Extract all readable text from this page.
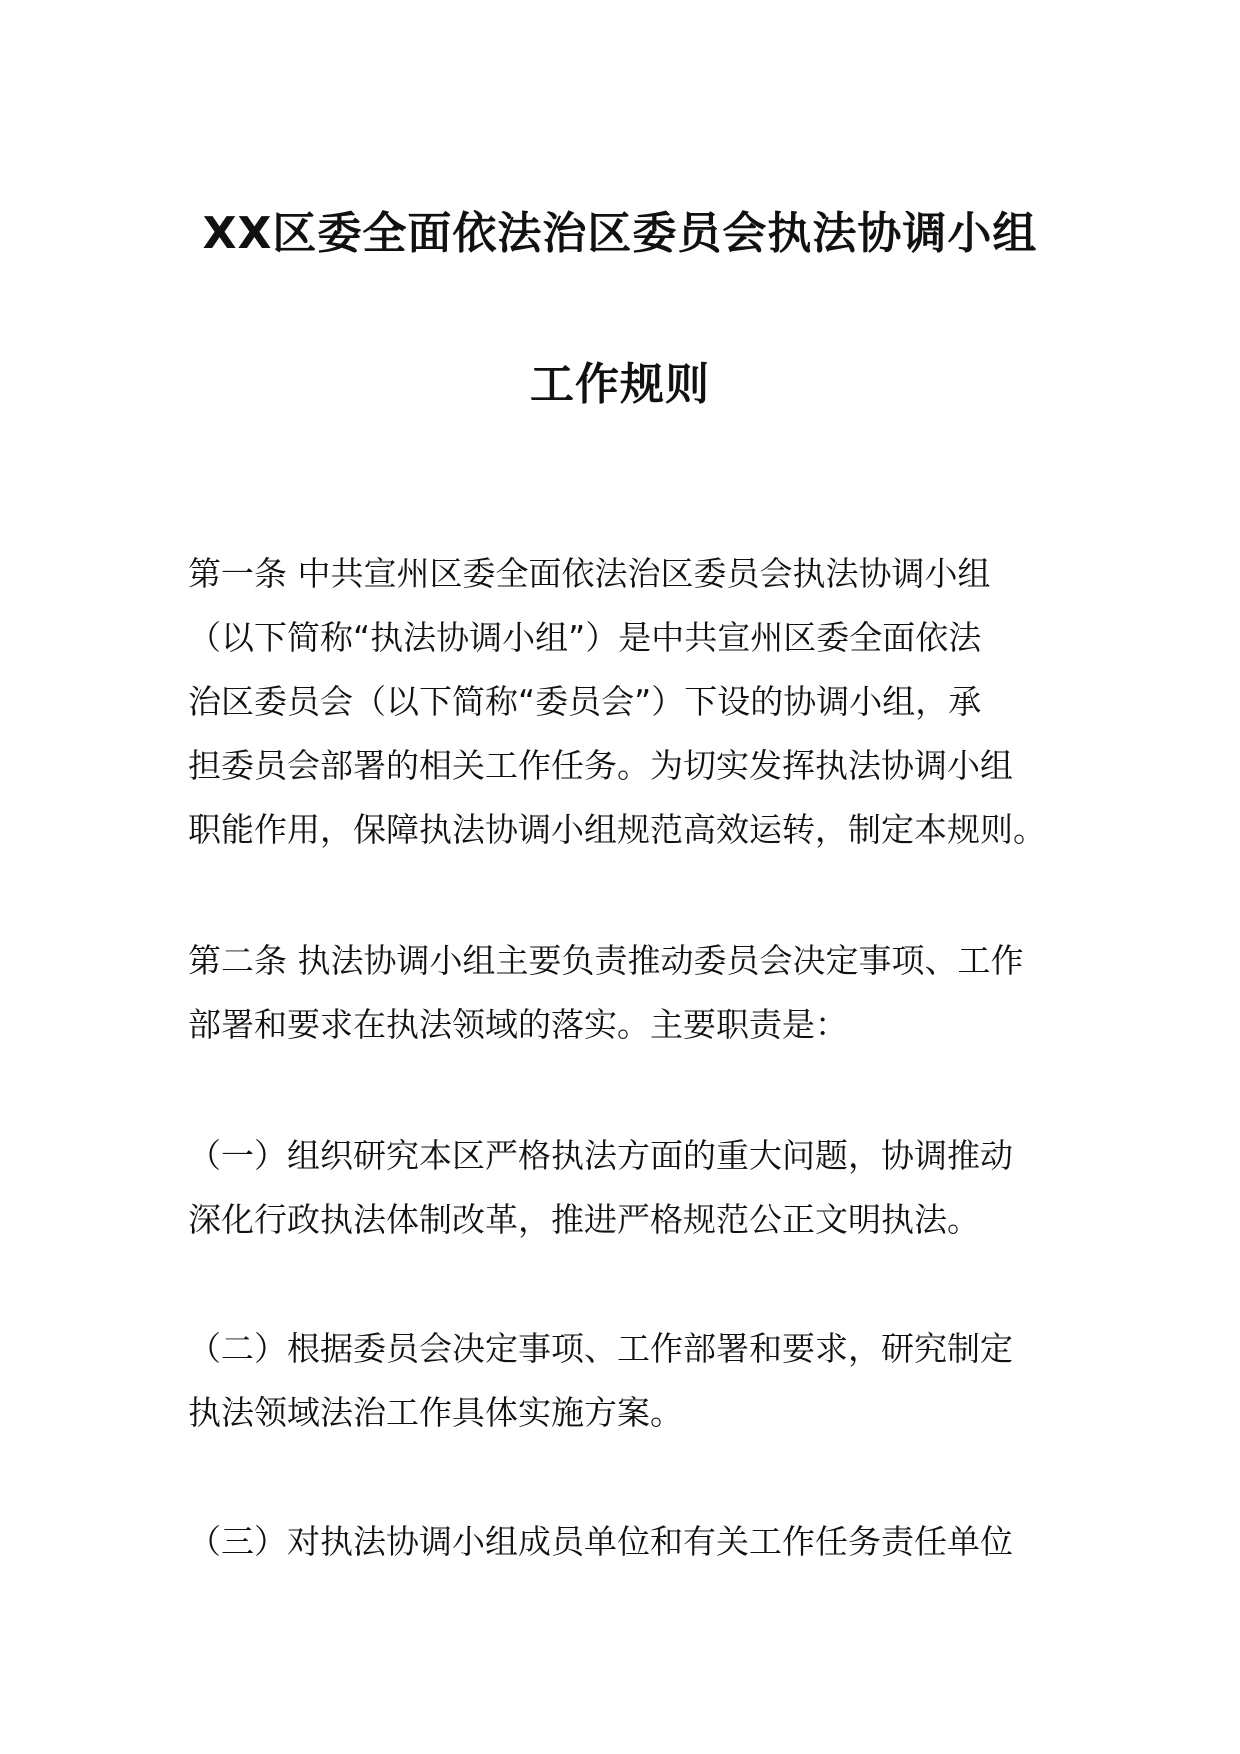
XX区委全面依法治区委员会执法协调小组
工作规则
第一条 中共宣州区委全面依法治区委员会执法协调小组
（以下简称“执法协调小组”）是中共宣州区委全面依法
治区委员会（以下简称“委员会”）下设的协调小组，承
担委员会部署的相关工作任务。为切实发挥执法协调小组
职能作用，保障执法协调小组规范高效运转，制定本规则。
第二条 执法协调小组主要负责推动委员会决定事项、工作
部署和要求在执法领域的落实。主要职责是：
（一）组织研究本区严格执法方面的重大问题，协调推动
深化行政执法体制改革，推进严格规范公正文明执法。
（二）根据委员会决定事项、工作部署和要求，研究制定
执法领域法治工作具体实施方案。
（三）对执法协调小组成员单位和有关工作任务责任单位
